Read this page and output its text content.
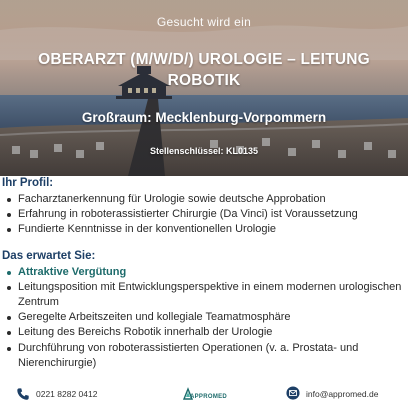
Gesucht wird ein
OBERARZT (M/W/D/) UROLOGIE – LEITUNG ROBOTIK
Großraum: Mecklenburg-Vorpommern
Stellenschlüssel: KL0135
Ihr Profil:
Facharztanerkennung für Urologie sowie deutsche Approbation
Erfahrung in roboterassistierter Chirurgie (Da Vinci) ist Voraussetzung
Fundierte Kenntnisse in der konventionellen Urologie
Das erwartet Sie:
Attraktive Vergütung
Leitungsposition mit Entwicklungsperspektive in einem modernen urologischen Zentrum
Geregelte Arbeitszeiten und kollegiale Teamatmosphäre
Leitung des Bereichs Robotik innerhalb der Urologie
Durchführung von roboterassistierten Operationen (v. a. Prostata- und Nierenchirurgie)
0221 8282 0412	APPROMED	info@appromed.de
